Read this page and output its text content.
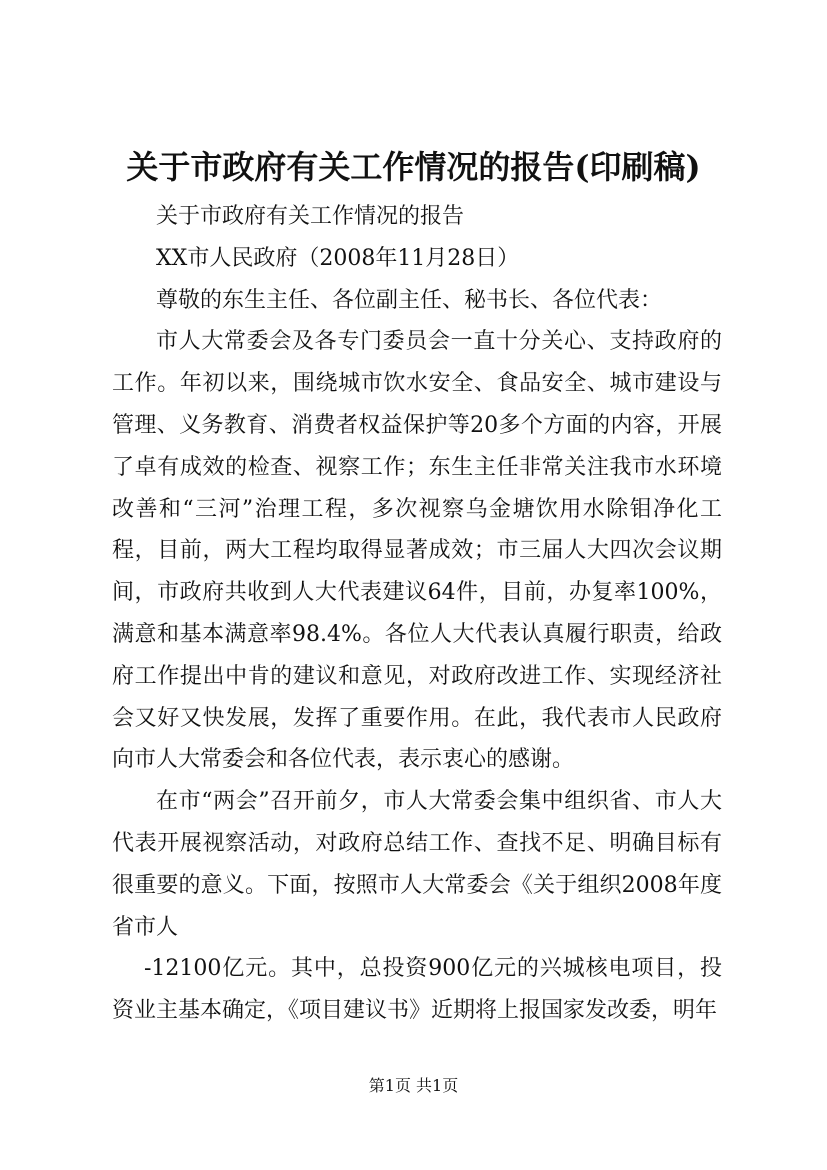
关于市政府有关工作情况的报告(印刷稿)

关于市政府有关工作情况的报告

XX市人民政府（2008年11月28日）

尊敬的东生主任、各位副主任、秘书长、各位代表：

市人大常委会及各专门委员会一直十分关心、支持政府的工作。年初以来，围绕城市饮水安全、食品安全、城市建设与管理、义务教育、消费者权益保护等20多个方面的内容，开展了卓有成效的检查、视察工作；东生主任非常关注我市水环境改善和“三河”治理工程，多次视察乌金塘饮用水除钼净化工程，目前，两大工程均取得显著成效；市三届人大四次会议期间，市政府共收到人大代表建议64件，目前，办复率100%，满意和基本满意率98.4%。各位人大代表认真履行职责，给政府工作提出中肯的建议和意见，对政府改进工作、实现经济社会又好又快发展，发挥了重要作用。在此，我代表市人民政府向市人大常委会和各位代表，表示衷心的感谢。

在市“两会”召开前夕，市人大常委会集中组织省、市人大代表开展视察活动，对政府总结工作、查找不足、明确目标有很重要的意义。下面，按照市人大常委会《关于组织2008年度省市人

-12100亿元。其中，总投资900亿元的兴城核电项目，投资业主基本确定，《项目建议书》近期将上报国家发改委，明年

第1页 共1页
